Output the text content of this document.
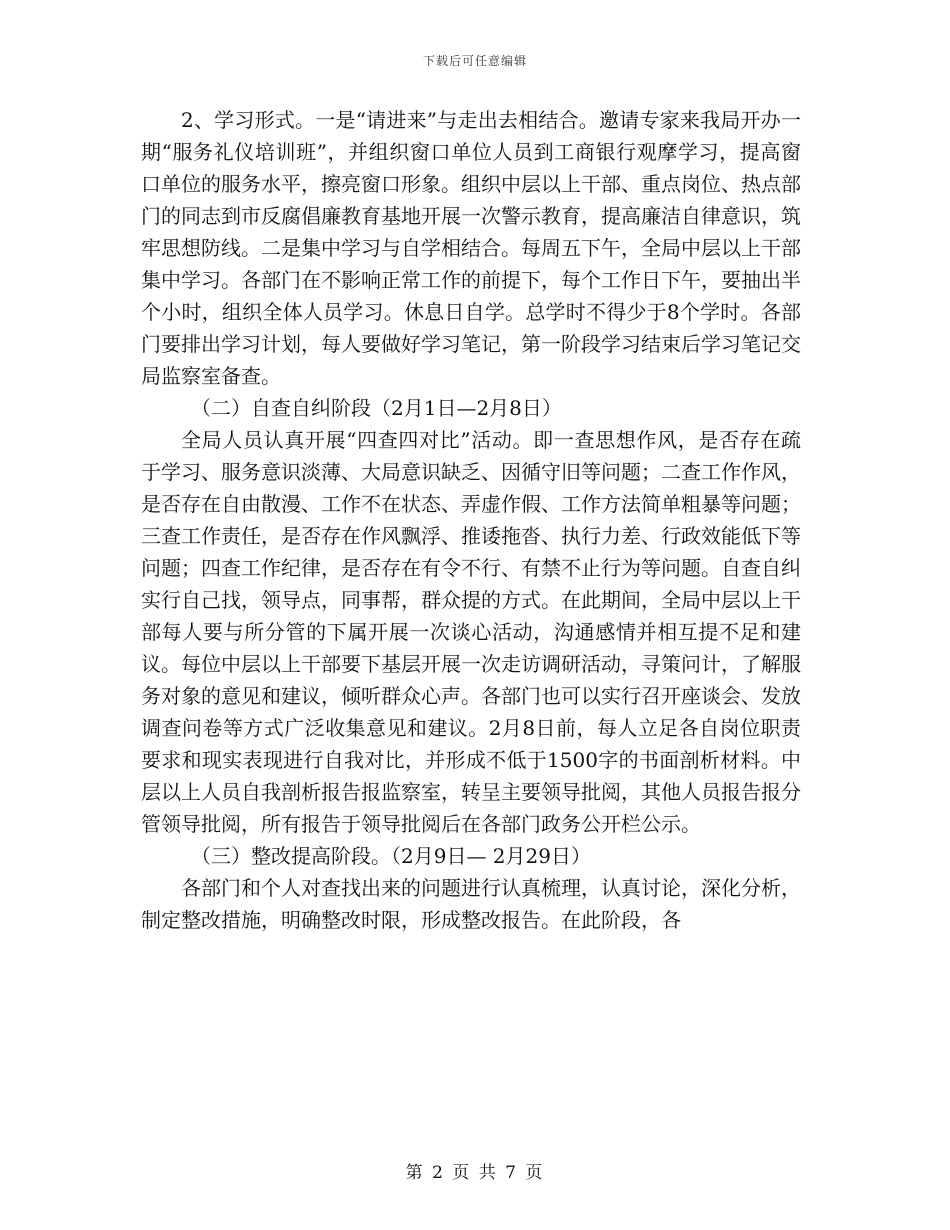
下载后可任意编辑

2、学习形式。一是“请进来”与走出去相结合。邀请专家来我局开办一期“服务礼仪培训班”，并组织窗口单位人员到工商银行观摩学习，提高窗口单位的服务水平，擦亮窗口形象。组织中层以上干部、重点岗位、热点部门的同志到市反腐倡廉教育基地开展一次警示教育，提高廉洁自律意识，筑牢思想防线。二是集中学习与自学相结合。每周五下午，全局中层以上干部集中学习。各部门在不影响正常工作的前提下，每个工作日下午，要抽出半个小时，组织全体人员学习。休息日自学。总学时不得少于8个学时。各部门要排出学习计划，每人要做好学习笔记，第一阶段学习结束后学习笔记交局监察室备查。

（二）自查自纠阶段（2月1日—2月8日）

全局人员认真开展“四查四对比”活动。即一查思想作风，是否存在疏于学习、服务意识淡薄、大局意识缺乏、因循守旧等问题；二查工作作风，是否存在自由散漫、工作不在状态、弄虚作假、工作方法简单粗暴等问题；三查工作责任，是否存在作风飘浮、推诿拖沓、执行力差、行政效能低下等问题；四查工作纪律，是否存在有令不行、有禁不止行为等问题。自查自纠实行自己找，领导点，同事帮，群众提的方式。在此期间，全局中层以上干部每人要与所分管的下属开展一次谈心活动，沟通感情并相互提不足和建议。每位中层以上干部要下基层开展一次走访调研活动，寻策问计，了解服务对象的意见和建议，倾听群众心声。各部门也可以实行召开座谈会、发放调查问卷等方式广泛收集意见和建议。2月8日前，每人立足各自岗位职责要求和现实表现进行自我对比，并形成不低于1500字的书面剖析材料。中层以上人员自我剖析报告报监察室，转呈主要领导批阅，其他人员报告报分管领导批阅，所有报告于领导批阅后在各部门政务公开栏公示。

（三）整改提高阶段。（2月9日— 2月29日）

各部门和个人对查找出来的问题进行认真梳理，认真讨论，深化分析，制定整改措施，明确整改时限，形成整改报告。在此阶段，各

第 2 页 共 7 页
